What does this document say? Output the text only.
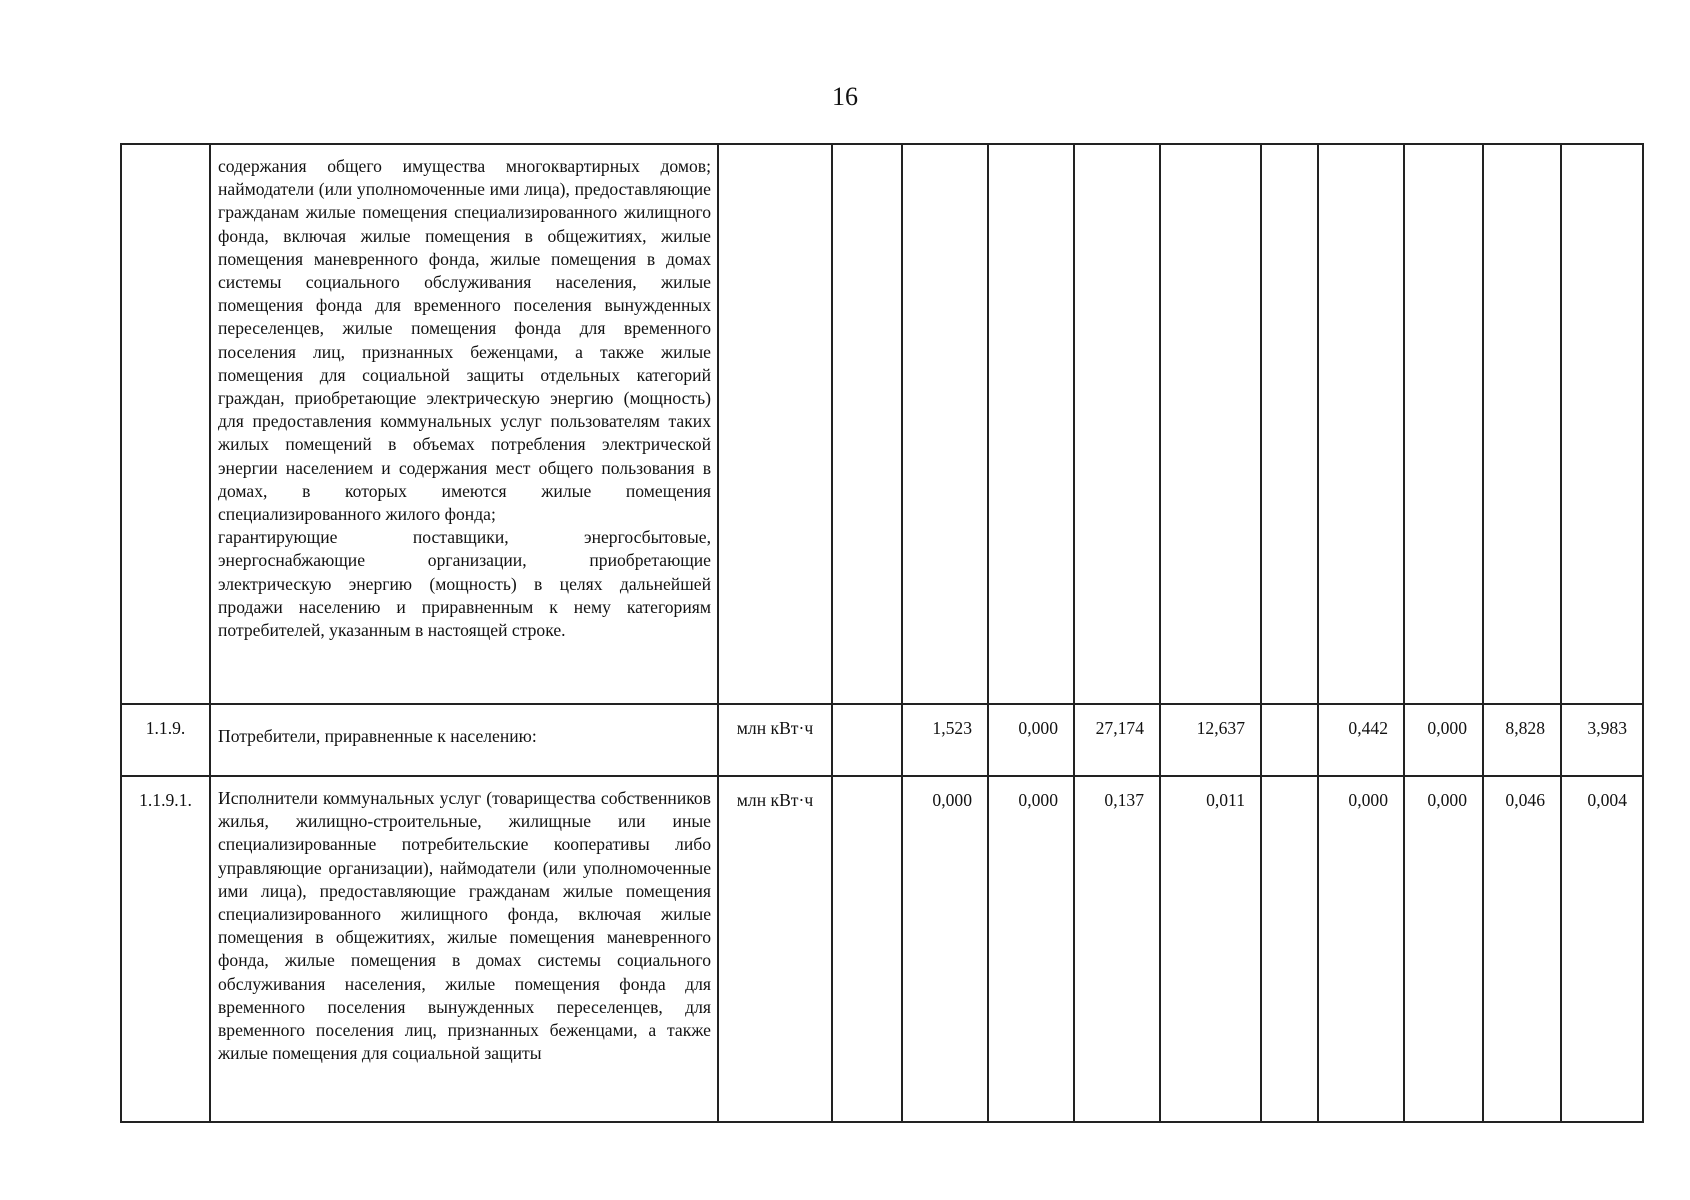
16

	содержания общего имущества многоквартирных домов; наймодатели (или уполномоченные ими лица), предоставляющие гражданам жилые помещения специализированного жилищного фонда, включая жилые помещения в общежитиях, жилые помещения маневренного фонда, жилые помещения в домах системы социального обслуживания населения, жилые помещения фонда для временного поселения вынужденных переселенцев, жилые помещения фонда для временного поселения лиц, признанных беженцами, а также жилые помещения для социальной защиты отдельных категорий граждан, приобретающие электрическую энергию (мощность) для предоставления коммунальных услуг пользователям таких жилых помещений в объемах потребления электрической энергии населением и содержания мест общего пользования в домах, в которых имеются жилые помещения специализированного жилого фонда;

гарантирующие поставщики, энергосбытовые, энергоснабжающие организации, приобретающие электрическую энергию (мощность) в целях дальнейшей продажи населению и приравненным к нему категориям потребителей, указанным в настоящей строке.											

1.1.9.	Потребители, приравненные к населению:	млн кВт·ч		1,523	0,000	27,174	12,637		0,442	0,000	8,828	3,983
1.1.9.1.	Исполнители коммунальных услуг (товарищества собственников жилья, жилищно-строительные, жилищные или иные специализированные потребительские кооперативы либо управляющие организации), наймодатели (или уполномоченные ими лица), предоставляющие гражданам жилые помещения специализированного жилищного фонда, включая жилые помещения в общежитиях, жилые помещения маневренного фонда, жилые помещения в домах системы социального обслуживания населения, жилые помещения фонда для временного поселения вынужденных переселенцев, для временного поселения лиц, признанных беженцами, а также жилые помещения для социальной защиты	млн кВт·ч		0,000	0,000	0,137	0,011		0,000	0,000	0,046	0,004
